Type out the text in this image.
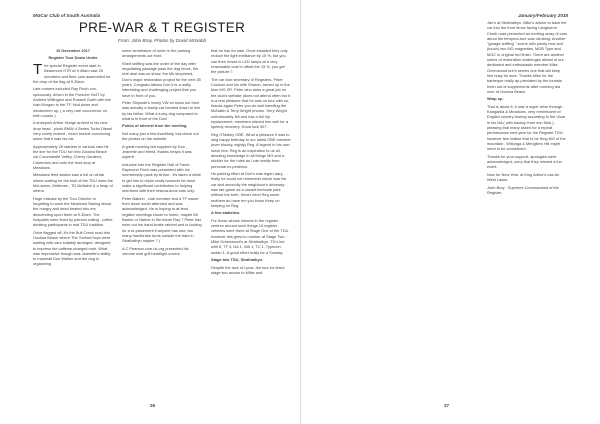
MGCar Club of South Australia
PRE-WAR & T REGISTER
From: John Bray, Photos by David McNabb

10 December 2017

Register Tour Down Under

The special Register event start in Beaumont OTR at 9.45am saw 25 members and their cars assembled for the drop of the flag at 9.30am.

Late comers included Ray Finch con-spicuously, driven in the Porsche 944T by Andrew Willington and Russell Garth with the Ivan Morgan in the TF. Nod down and windscreen up, ( a very rare occurrence on both counts ).

A sheepish Arthur Hodge arrived in his new drop head , plush BMW 4 Series Turbo Diesel. Very comfy indeed , much trouble convincing some that it was his car.

Approximately 25 starters in various cars hit the line for the TDU run into Goolwa Beach via Coromandel Valley, Cherry Gardens, Clarendon and onto the food stop at Meadows.

Meadows feed station saw a full on af-fair where waiting for the bulk of the TDU were the McLarens, Mellenes , TD McNabb & a heap of others.

Huge mistake by the Tour Director in forgetting to warn the Meadows Baking about the hungry and dead beated driv-ers descending upon them at 9.30am. The footpaths were lined by patrons eating , coffee drinking participants in real TDU tradition.

Once flagged off, it's the Bull Creek road into Goolwa Beach where The Toxford boys were waiting with cars suitably arranged, designed to impress the caffeine-charged mob. What was impressive though was Jeanette's ability to marshall Don Walker and the dog in organizing

some semblance of order in the parking arrangements out front.

Shed sniffing was the order of the day after negotiating passage pass the dog fence, the real deal was on show, the Mk shopheed, Don's major restoration project for the next 35 years. Congratu-lations Don it is a really interesting and challenging project that you have in front of you.

Peter Shipside's lovely VW on show out front was actually a family car handed down to him by his father. What a lucky dog compared to what is in front of the Don!

Points of interest from the meeting.

Not many just a few thankfully, but check out the photos on the website.

A great morning tea supplied by Don , Jeanette and friend, thanks heaps it was superb.

Inductee into the Register Hall of Fame. Raymond Finch was presented with his membership pack by Arthur , it's taken a while to get him to rejoin really however he done make a significant contribution to helping members with their restora-tions cars only.

Peter Baturin , club member and a TF owner from down south attended and was acknowledged. He is hoping to at-tend register meetings closer to home, maybe Mt Barker or Nairne in the future Ray ? Peter has worn out his hand-brake ratchet and is looking for a re-placement if anyone has one; too many handbrake turns outside the bark in Strathalbyn maybe ? )

A C Pearson.com.uk.org presented his chrome wire grill headlight covers

that he has for sale. Once installed they only reduce the light emittance by 15 %, but you can then invest in LED lamps at a very reasonable cost to offset the 15 %, you get the picture ?.

The car club secretary of Registers, Peter Coulson and his wife Sharon, turned up in the blue MG ZR. Peter who does a great job on the club's website (does not attend often but it is a real pleasure that he was on tour with us, thanks again Peter you do well handling the McNabb & Terry Wright photos. Terry Wright unfortunately fell and has a full hip replacement, members wished him well for a speedy recovery. Good luck 007.

Reg O'Malley OBE. What a pleasure it was to sing happy birthday to our latest OBE member (ever bloody, eighty) Reg. A legend in his own lunch box. Reg is an inspiration to us all, amazing knowledge in all things MG and a stickler for the rules as I can testify from personal ex-perience.

He parking effort at Don's was legen-dary, firstly he could not remember which was his car and secondly the neighbour's driveway was fair game as a vacant kerbside park without the kerb. Never mind Reg some mothers do have em you know Keep on keeping on Reg.

A few statistics.

For those whose interest in the register centres around such things 15 register vehicles were there at Stage One of the TDU, however this grew in number at Stage Two ; Mike Greenwood's at Strathalbyn. TD's led with 6, TF 4, NA 1, WA 1, TC 1, Typhoon sedan 1. A good effort really for a Sunday.

Stage two TDU, Strathalbyn.

Despite the lack of Lycra, the tour en-tered stage two across to Milke and

26
January/February 2018

Jan's at Strathalbyn. Mike's advice to back the car into the front fence facing Langhorne Creek road presented an exciting array of cars about the tempera-ture was climbing. Another "garage sniffing " scene with plenty new and (touch) two MG magnettes, MGB Type and MGC in original red finish. There are another series of restoration challenges ahead of our dedicated and enthusiastic member Mike Greenwood but it seems one that will keep him busy for sure. Thanks Mike for the barbeque really ap-preciated by the tourists fresh out of supplements after morning tea over at Goolwa Beach.

Wrap up.

That is about it, it was a super drive through Kangarilla & Meadows, very reminiscent of English country touring according to the Vicar in his NA ( with backup from son Nick ), pleasing that many asked for a repeat performance next year for the Register TDU, however few realise that to be King MG of the mountain , Willunga & Mengilers Hill might need to be considered.

Thanks for your support, apologies were acknowledged, sorry that they missed a fun event.

Now for New Year, at King Arthur's cas-tle, West Lakes.

John Bray , Supreme Commandant of the Register.

27
